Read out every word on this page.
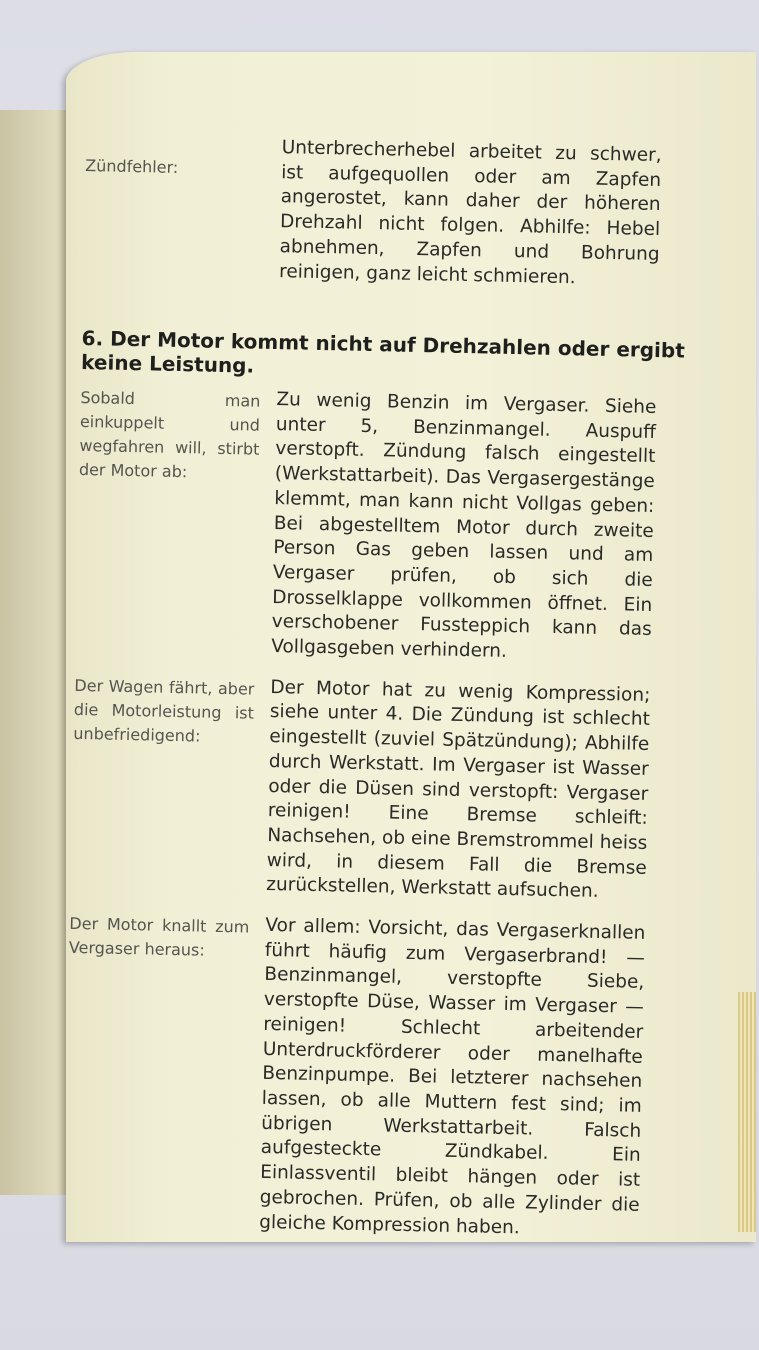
Zündfehler:
Unterbrecherhebel arbeitet zu schwer, ist aufgequollen oder am Zapfen angerostet, kann daher der höheren Drehzahl nicht folgen. Abhilfe: Hebel abnehmen, Zapfen und Bohrung reinigen, ganz leicht schmieren.
6. Der Motor kommt nicht auf Drehzahlen oder ergibt keine Leistung.
Sobald man einkuppelt und wegfahren will, stirbt der Motor ab:
Zu wenig Benzin im Vergaser. Siehe unter 5, Benzinmangel. Auspuff verstopft. Zündung falsch eingestellt (Werkstattarbeit). Das Vergasergestänge klemmt, man kann nicht Vollgas geben: Bei abgestelltem Motor durch zweite Person Gas geben lassen und am Vergaser prüfen, ob sich die Drosselklappe vollkommen öffnet. Ein verschobener Fussteppich kann das Vollgasgeben verhindern.
Der Wagen fährt, aber die Motorleistung ist unbefriedigend:
Der Motor hat zu wenig Kompression; siehe unter 4. Die Zündung ist schlecht eingestellt (zuviel Spätzündung); Abhilfe durch Werkstatt. Im Vergaser ist Wasser oder die Düsen sind verstopft: Vergaser reinigen! Eine Bremse schleift: Nachsehen, ob eine Bremstrommel heiss wird, in diesem Fall die Bremse zurückstellen, Werkstatt aufsuchen.
Der Motor knallt zum Vergaser heraus:
Vor allem: Vorsicht, das Vergaserknallen führt häufig zum Vergaserbrand! — Benzinmangel, verstopfte Siebe, verstopfte Düse, Wasser im Vergaser — reinigen! Schlecht arbeitender Unterdruckförderer oder manelhafte Benzinpumpe. Bei letzterer nachsehen lassen, ob alle Muttern fest sind; im übrigen Werkstattarbeit. Falsch aufgesteckte Zündkabel. Ein Einlassventil bleibt hängen oder ist gebrochen. Prüfen, ob alle Zylinder die gleiche Kompression haben.
